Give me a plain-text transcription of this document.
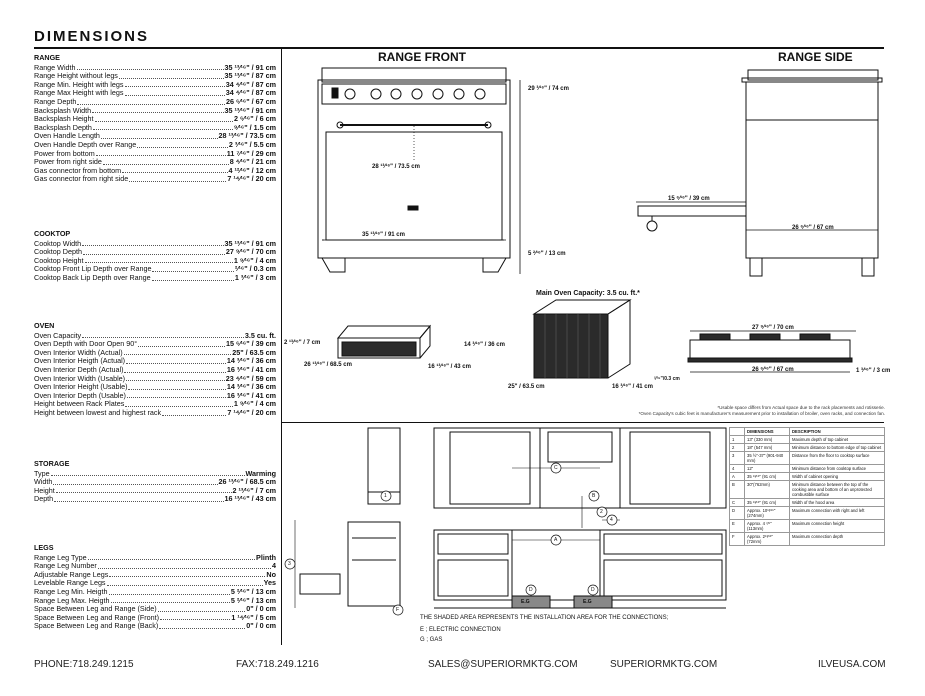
DIMENSIONS
RANGE
Range Width	35 ¹³⁄¹⁶" / 91 cm
Range Height without legs	35 ¹³⁄¹⁶" / 87 cm
Range Min. Height with legs	34 ⁴⁄¹⁶" / 87 cm
Range Max Height with legs	34 ⁴⁄¹⁶" / 87 cm
Range Depth	26 ⁶⁄¹⁶" / 67 cm
Backsplash Width	35 ¹³⁄¹⁶" / 91 cm
Backsplash Height	2 ⁶⁄¹⁶" / 6 cm
Backsplash Depth	⁹⁄¹⁶" / 1.5 cm
Oven Handle Length	28 ¹³⁄¹⁶" / 73.5 cm
Oven Handle Depth over Range	2 ³⁄¹⁶" / 5.5 cm
Power from bottom	11 ⁷⁄¹⁶" / 29 cm
Power from right side	8 ⁴⁄¹⁶" / 21 cm
Gas connector from bottom	4 ¹²⁄¹⁶" / 12 cm
Gas connector from right side	7 ¹⁴⁄¹⁶" / 20 cm
COOKTOP
Cooktop Width	35 ¹³⁄¹⁶" / 91 cm
Cooktop Depth	27 ⁹⁄¹⁶" / 70 cm
Cooktop Height	1 ⁹⁄¹⁶" / 4 cm
Cooktop Front Lip Depth over Range	²⁄¹⁶" / 0.3 cm
Cooktop Back Lip Depth over Range	1 ³⁄¹⁶" / 3 cm
OVEN
Oven Capacity	3.5 cu. ft.
Oven Depth with Door Open 90°	15 ⁶⁄¹⁶" / 39 cm
Oven Interior Width (Actual)	25" / 63.5 cm
Oven Interior Heigth (Actual)	14 ³⁄¹⁶" / 36 cm
Oven Interior Depth (Actual)	16 ³⁄¹⁶" / 41 cm
Oven Interior Width (Usable)	23 ⁴⁄¹⁶" / 59 cm
Oven Interior Height (Usable)	14 ³⁄¹⁶" / 36 cm
Oven Interior Depth (Usable)	16 ³⁄¹⁶" / 41 cm
Height between Rack Plates	1 ⁹⁄¹⁶" / 4 cm
Height between lowest and highest rack	7 ¹⁴⁄¹⁶" / 20 cm
STORAGE
Type	Warming
Width	26 ¹³⁄¹⁶" / 68.5 cm
Height	2 ¹³⁄¹⁶" / 7 cm
Depth	16 ¹³⁄¹⁶" / 43 cm
LEGS
Range Leg Type	Plinth
Range Leg Number	4
Adjustable Range Legs	No
Levelable Range Legs	Yes
Range Leg Min. Heigth	5 ²⁄¹⁶" / 13 cm
Range Leg Max. Heigth	5 ²⁄¹⁶" / 13 cm
Space Between Leg and Range (Side)	0" / 0 cm
Space Between Leg and Range (Front)	1 ¹⁴⁄¹⁶" / 5 cm
Space Between Leg and Range (Back)	0" / 0 cm
RANGE FRONT	RANGE SIDE
29 ³⁄¹⁶" / 74 cm
28 ¹³⁄¹⁶" / 73.5 cm
35 ¹³⁄¹⁶" / 91 cm
5 ²⁄¹⁶" / 13 cm
15 ⁶⁄¹⁶" / 39 cm
26 ⁶⁄¹⁶" / 67 cm
Main Oven Capacity: 3.5 cu. ft.*
2 ¹³⁄¹⁶" / 7 cm
26 ¹³⁄¹⁶" / 68.5 cm	16 ¹³⁄¹⁶" / 43 cm
14 ³⁄¹⁶" / 36 cm
25" / 63.5 cm	16 ³⁄¹⁶" / 41 cm
27 ⁹⁄¹⁶" / 70 cm
26 ⁶⁄¹⁶" / 67 cm
²⁄¹⁶"/0.3 cm
1 ³⁄¹⁶" / 3 cm
*Usable space differs from Actual space due to the rack placements and rotisserie.
*Oven Capacity's cubic feet is manufacturer's measurement prior to installation of broiler, oven racks, and connection fan.
1
2
4
3
B
C
A
D	D
F
E.G	E.G
THE SHADED AREA REPRESENTS THE INSTALLATION AREA FOR THE CONNECTIONS;
E ; ELECTRIC CONNECTION
G ; GAS
	DIMENSIONS	DESCRIPTION
1	13" (330 mm)	Maximum depth of top cabinet
2	18" (547 mm)	Minimum distance to bottom edge of top cabinet
3	35 ½"-37" (901-940 mm)	Distance from the floor to cooktop surface
4	12"	Minimum distance from cooktop surface
A	35 ¹³⁄¹⁶" (91 cm)	Width of cabinet opening
B	30"(762mm)	Minimum distance between the top of the cooking area and bottom of an unprotected combustible surface
C	35 ¹³⁄¹⁶" (91 cm)	Width of the hood area
D	Approx. 10¹³⁄¹⁶" (274mm)	Maximum connection with right and left
E	Approx. 4 ⁷⁄⁸" (113mm)	Maximum connection height
F	Approx. 2¹³⁄¹⁶" (72mm)	Maximum connection depth
PHONE:718.249.1215	FAX:718.249.1216	SALES@SUPERIORMKTG.COM	SUPERIORMKTG.COM	ILVEUSA.COM
